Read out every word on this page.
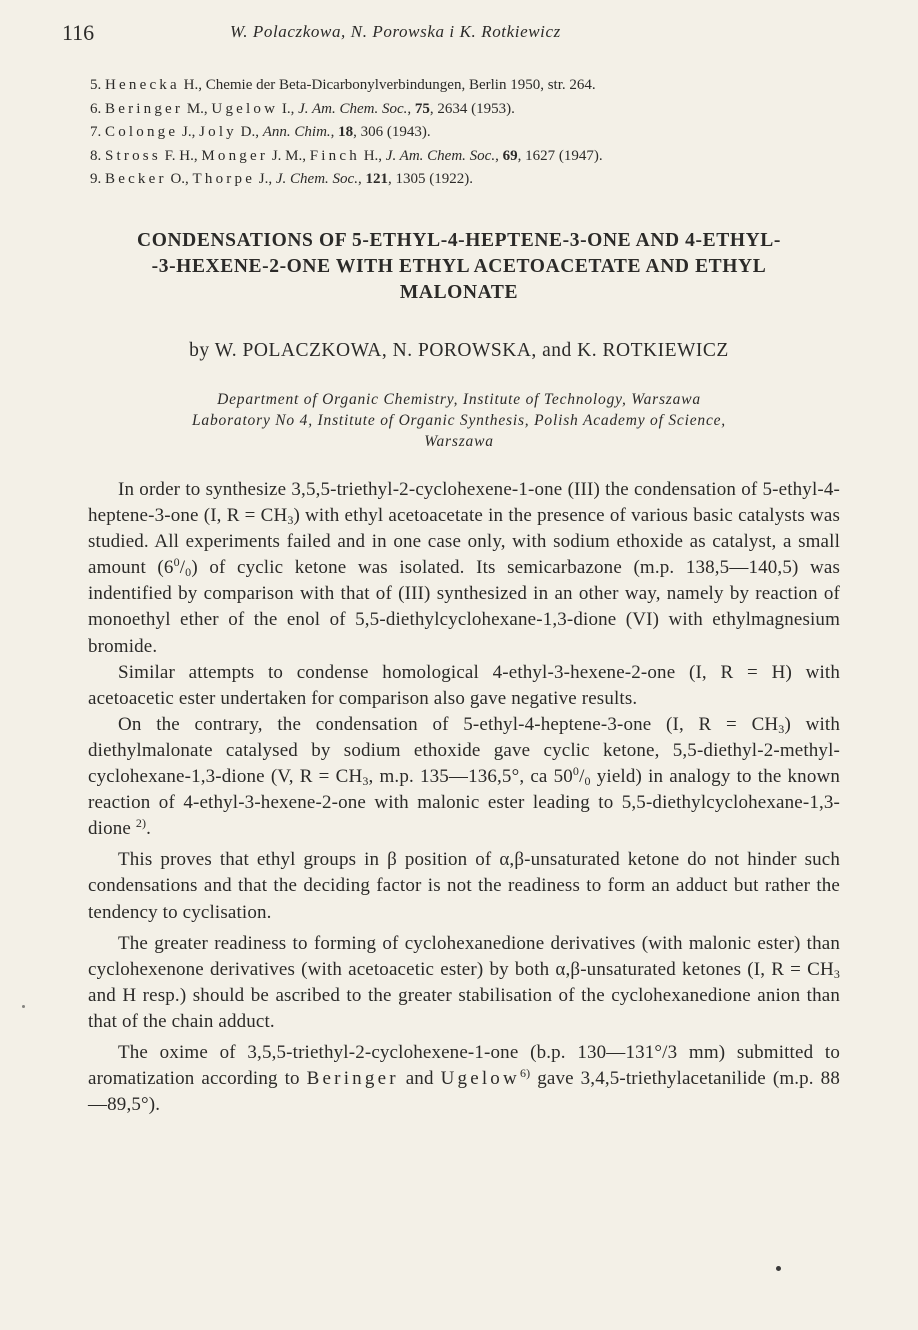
116	W. Polaczkowa, N. Porowska i K. Rotkiewicz
5. Henecka H., Chemie der Beta-Dicarbonylverbindungen, Berlin 1950, str. 264.
6. Beringer M., Ugelow I., J. Am. Chem. Soc., 75, 2634 (1953).
7. Colonge J., Joly D., Ann. Chim., 18, 306 (1943).
8. Stross F. H., Monger J. M., Finch H., J. Am. Chem. Soc., 69, 1627 (1947).
9. Becker O., Thorpe J., J. Chem. Soc., 121, 1305 (1922).
CONDENSATIONS OF 5-ETHYL-4-HEPTENE-3-ONE AND 4-ETHYL-
-3-HEXENE-2-ONE WITH ETHYL ACETOACETATE AND ETHYL
MALONATE
by W. POLACZKOWA, N. POROWSKA, and K. ROTKIEWICZ
Department of Organic Chemistry, Institute of Technology, Warszawa
Laboratory No 4, Institute of Organic Synthesis, Polish Academy of Science,
Warszawa

In order to synthesize 3,5,5-triethyl-2-cyclohexene-1-one (III) the condensation of 5-ethyl-4-heptene-3-one (I, $R = CH_3$) with ethyl acetoacetate in the presence of various basic catalysts was studied. All experiments failed and in one case only, with sodium ethoxide as catalyst, a small amount $(6^0/_0)$ of cyclic ketone was isolated. Its semicarbazone (m.p. 138,5—140,5) was indentified by comparison with that of (III) synthesized in an other way, namely by reaction of monoethyl ether of the enol of 5,5-diethylcyclohexane-1,3-dione (VI) with ethylmagnesium bromide.

Similar attempts to condense homological 4-ethyl-3-hexene-2-one (I, R = H) with acetoacetic ester undertaken for comparison also gave negative results.

On the contrary, the condensation of 5-ethyl-4-heptene-3-one (I, $R = CH_3$) with diethylmalonate catalysed by sodium ethoxide gave cyclic ketone, 5,5-diethyl-2-methyl-cyclohexane-1,3-dione (V, $R = CH_3$, m.p. 135—136,5°, ca $50^0/_0$ yield) in analogy to the known reaction of 4-ethyl-3-hexene-2-one with malonic ester leading to 5,5-diethylcyclohexane-1,3-dione $^{2)}$.

This proves that ethyl groups in β position of α,β-unsaturated ketone do not hinder such condensations and that the deciding factor is not the readiness to form an adduct but rather the tendency to cyclisation.

The greater readiness to forming of cyclohexanedione derivatives (with malonic ester) than cyclohexenone derivatives (with acetoacetic ester) by both α,β-unsaturated ketones (I, $R = CH_3$ and H resp.) should be ascribed to the greater stabilisation of the cyclohexanedione anion than that of the chain adduct.

The oxime of 3,5,5-triethyl-2-cyclohexene-1-one (b.p. 130—131°/3 mm) submitted to aromatization according to Beringer and Ugelow$^{6)}$ gave 3,4,5-triethylacetanilide (m.p. 88—89,5°).
